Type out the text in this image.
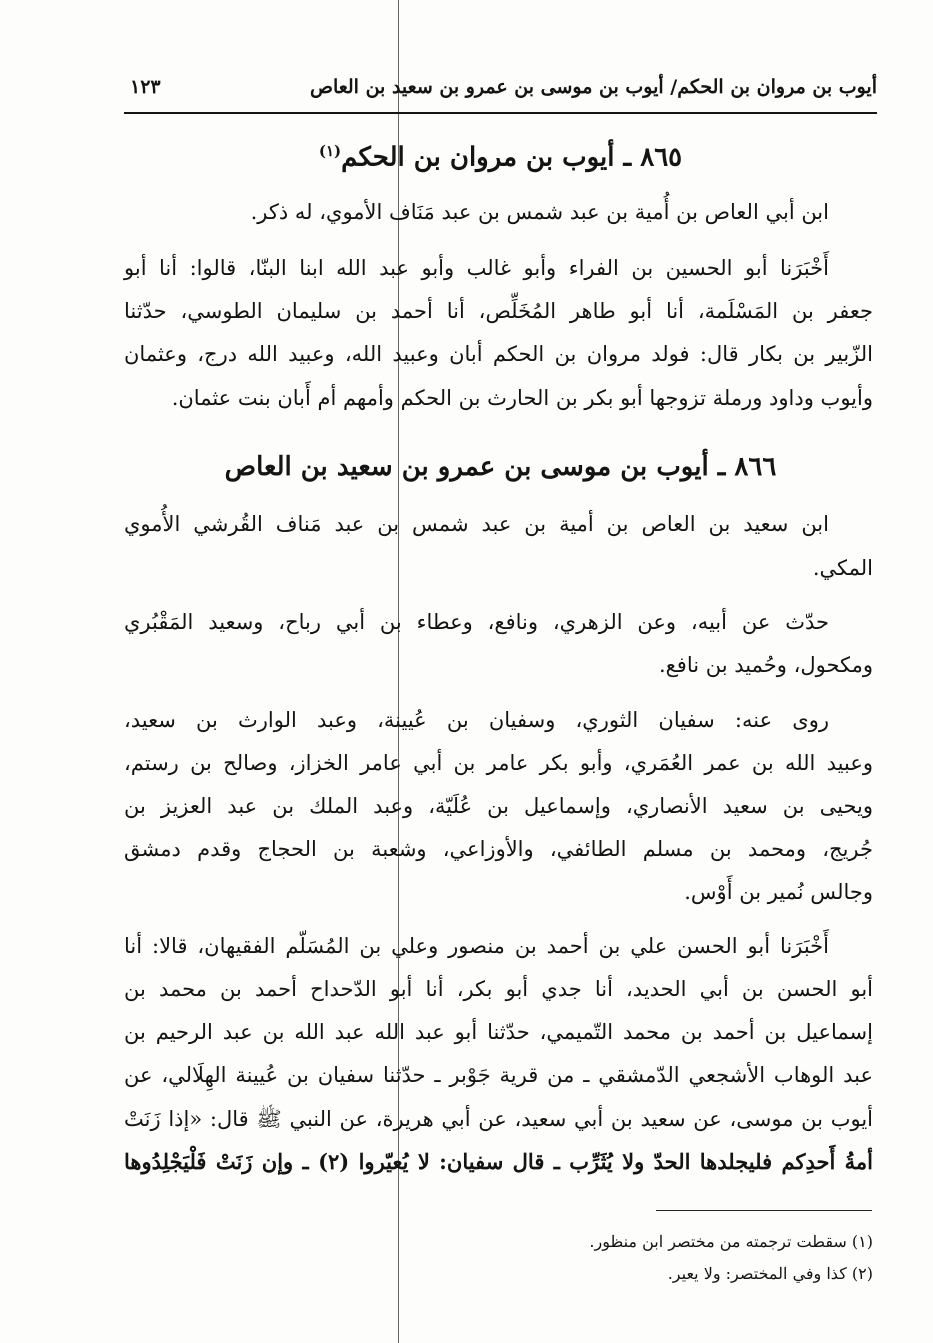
أيوب بن مروان بن الحكم/ أيوب بن موسى بن عمرو بن سعيد بن العاص
١٢٣
٨٦٥ ـ أيوب بن مروان بن الحكم$^{(١)}$
ابن أبي العاص بن أُمية بن عبد شمس بن عبد مَنَاف الأموي، له ذكر.
أَخْبَرَنا أبو الحسين بن الفراء وأبو غالب وأبو عبد الله ابنا البنّا، قالوا: أنا أبو
جعفر بن المَسْلَمة، أنا أبو طاهر المُخَلِّص، أنا أحمد بن سليمان الطوسي، حدّثنا
الزّبير بن بكار قال: فولد مروان بن الحكم أبان وعبيد الله، وعبيد الله درج، وعثمان
وأيوب وداود ورملة تزوجها أبو بكر بن الحارث بن الحكم وأمهم أم أَبان بنت عثمان.
٨٦٦ ـ أيوب بن موسى بن عمرو بن سعيد بن العاص
ابن سعيد بن العاص بن أمية بن عبد شمس بن عبد مَناف القُرشي الأُموي
المكي.
حدّث عن أبيه، وعن الزهري، ونافع، وعطاء بن أبي رباح، وسعيد المَقْبُري
ومكحول، وحُميد بن نافع.
روى عنه: سفيان الثوري، وسفيان بن عُيينة، وعبد الوارث بن سعيد،
وعبيد الله بن عمر العُمَري، وأبو بكر عامر بن أبي عامر الخزاز، وصالح بن رستم،
ويحيى بن سعيد الأنصاري، وإسماعيل بن عُلَيّة، وعبد الملك بن عبد العزيز بن
جُريج، ومحمد بن مسلم الطائفي، والأوزاعي، وشعبة بن الحجاج وقدم دمشق
وجالس نُمير بن أَوْس.
أَخْبَرَنا أبو الحسن علي بن أحمد بن منصور وعلي بن المُسَلّم الفقيهان، قالا: أنا
أبو الحسن بن أبي الحديد، أنا جدي أبو بكر، أنا أبو الدّحداح أحمد بن محمد بن
إسماعيل بن أحمد بن محمد التّميمي، حدّثنا أبو عبد الله عبد الله بن عبد الرحيم بن
عبد الوهاب الأشجعي الدّمشقي ـ من قرية جَوْبر ـ حدّثنا سفيان بن عُيينة الهِلَالي، عن
أيوب بن موسى، عن سعيد بن أبي سعيد، عن أبي هريرة، عن النبي ﷺ قال: «إذا زَنَتْ
أمةُ أَحدِكم فليجلدها الحدّ ولا يُثَرِّب ـ قال سفيان: لا يُعيّروا (٢) ـ وإن زَنَتْ فَلْيَجْلِدُوها
(١) سقطت ترجمته من مختصر ابن منظور.
(٢) كذا وفي المختصر: ولا يعير.
